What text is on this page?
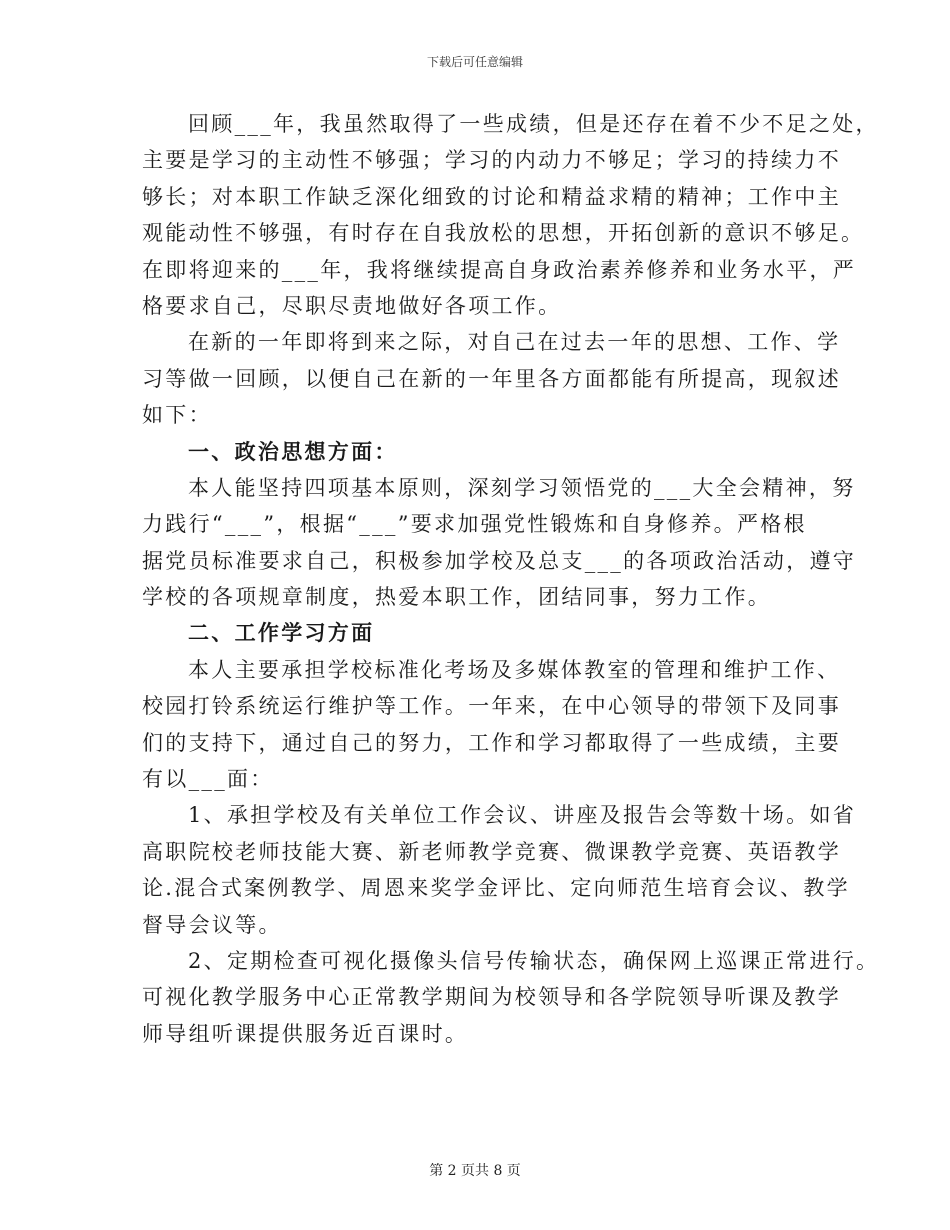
下载后可任意编辑
回顾___年，我虽然取得了一些成绩，但是还存在着不少不足之处，
主要是学习的主动性不够强；学习的内动力不够足；学习的持续力不
够长；对本职工作缺乏深化细致的讨论和精益求精的精神；工作中主
观能动性不够强，有时存在自我放松的思想，开拓创新的意识不够足。
在即将迎来的___年，我将继续提高自身政治素养修养和业务水平，严
格要求自己，尽职尽责地做好各项工作。
在新的一年即将到来之际，对自己在过去一年的思想、工作、学
习等做一回顾，以便自己在新的一年里各方面都能有所提高，现叙述
如下：
一、政治思想方面：
本人能坚持四项基本原则，深刻学习领悟党的___大全会精神，努
力践行“___”，根据“___”要求加强党性锻炼和自身修养。严格根
据党员标准要求自己，积极参加学校及总支___的各项政治活动，遵守
学校的各项规章制度，热爱本职工作，团结同事，努力工作。
二、工作学习方面
本人主要承担学校标准化考场及多媒体教室的管理和维护工作、
校园打铃系统运行维护等工作。一年来，在中心领导的带领下及同事
们的支持下，通过自己的努力，工作和学习都取得了一些成绩，主要
有以___面：
1、承担学校及有关单位工作会议、讲座及报告会等数十场。如省
高职院校老师技能大赛、新老师教学竞赛、微课教学竞赛、英语教学
论.混合式案例教学、周恩来奖学金评比、定向师范生培育会议、教学
督导会议等。
2、定期检查可视化摄像头信号传输状态，确保网上巡课正常进行。
可视化教学服务中心正常教学期间为校领导和各学院领导听课及教学
师导组听课提供服务近百课时。
第 2 页共 8 页
